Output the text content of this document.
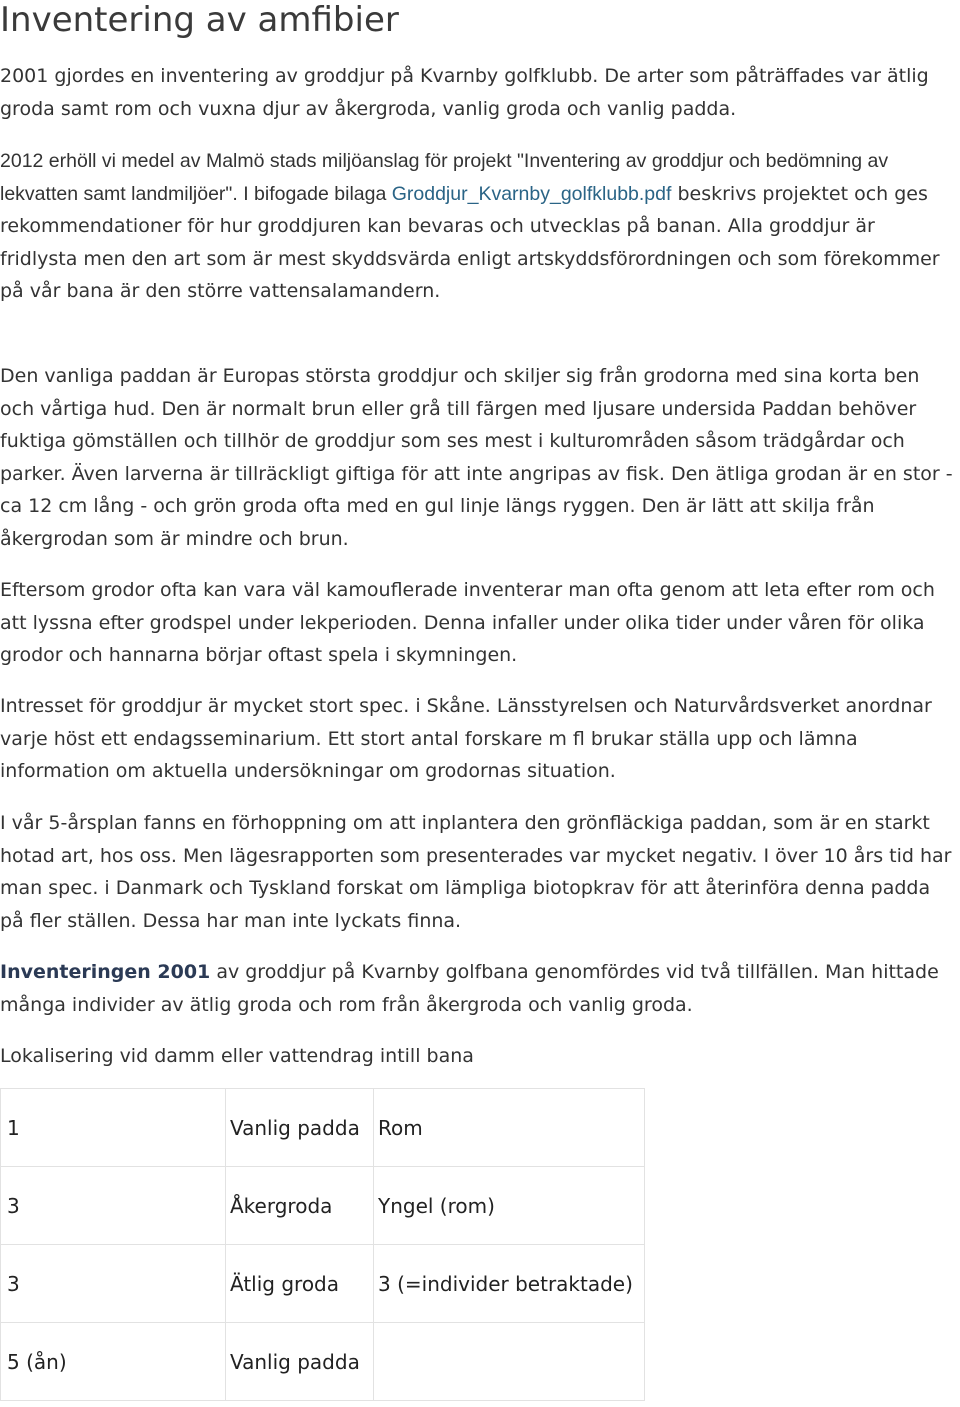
Inventering av amfibier

2001 gjordes en inventering av groddjur på Kvarnby golfklubb. De arter som påträffades var ätlig groda samt rom och vuxna djur av åkergroda, vanlig groda och vanlig padda.

2012 erhöll vi medel av Malmö stads miljöanslag för projekt "Inventering av groddjur och bedömning av lekvatten samt landmiljöer". I bifogade bilaga Groddjur_Kvarnby_golfklubb.pdf beskrivs projektet och ges rekommendationer för hur groddjuren kan bevaras och utvecklas på banan. Alla groddjur är fridlysta men den art som är mest skyddsvärda enligt artskyddsförordningen och som förekommer på vår bana är den större vattensalamandern.

Den vanliga paddan är Europas största groddjur och skiljer sig från grodorna med sina korta ben och vårtiga hud. Den är normalt brun eller grå till färgen med ljusare undersida Paddan behöver fuktiga gömställen och tillhör de groddjur som ses mest i kulturområden såsom trädgårdar och parker. Även larverna är tillräckligt giftiga för att inte angripas av fisk. Den ätliga grodan är en stor - ca 12 cm lång - och grön groda ofta med en gul linje längs ryggen. Den är lätt att skilja från åkergrodan som är mindre och brun.

Eftersom grodor ofta kan vara väl kamouflerade inventerar man ofta genom att leta efter rom och att lyssna efter grodspel under lekperioden. Denna infaller under olika tider under våren för olika grodor och hannarna börjar oftast spela i skymningen.

Intresset för groddjur är mycket stort spec. i Skåne. Länsstyrelsen och Naturvårdsverket anordnar varje höst ett endagsseminarium. Ett stort antal forskare m fl brukar ställa upp och lämna information om aktuella undersökningar om grodornas situation.

I vår 5-årsplan fanns en förhoppning om att inplantera den grönfläckiga paddan, som är en starkt hotad art, hos oss. Men lägesrapporten som presenterades var mycket negativ. I över 10 års tid har man spec. i Danmark och Tyskland forskat om lämpliga biotopkrav för att återinföra denna padda på fler ställen. Dessa har man inte lyckats finna.

Inventeringen 2001 av groddjur på Kvarnby golfbana genomfördes vid två tillfällen. Man hittade många individer av ätlig groda och rom från åkergroda och vanlig groda.

Lokalisering vid damm eller vattendrag intill bana

1	Vanlig padda	Rom
3	Åkergroda	Yngel (rom)
3	Ätlig groda	3 (=individer betraktade)
5 (ån)	Vanlig padda	
